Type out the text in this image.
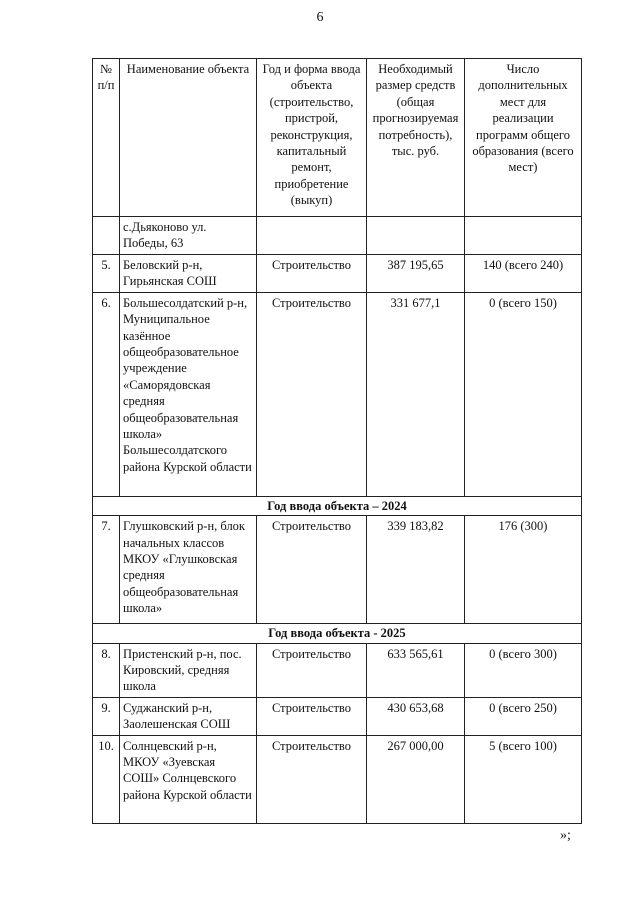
6
№ п/п	Наименование объекта	Год и форма ввода объекта (строительство, пристрой, реконструкция, капитальный ремонт, приобретение (выкуп)	Необходимый размер средств (общая прогнозируемая потребность), тыс. руб.	Число дополнительных мест для реализации программ общего образования (всего мест)
	с.Дьяконово ул. Победы, 63			
5.	Беловский р-н, Гирьянская СОШ	Строительство	387 195,65	140 (всего 240)
6.	Большесолдатский р-н, Муниципальное казённое общеобразовательное учреждение «Саморядовская средняя общеобразовательная школа» Большесолдатского района Курской области	Строительство	331 677,1	0 (всего 150)
Год ввода объекта – 2024				
7.	Глушковский р-н, блок начальных классов МКОУ «Глушковская средняя общеобразовательная школа»	Строительство	339 183,82	176 (300)
Год ввода объекта - 2025				
8.	Пристенский р-н, пос. Кировский, средняя школа	Строительство	633 565,61	0 (всего 300)
9.	Суджанский р-н, Заолешенская СОШ	Строительство	430 653,68	0 (всего 250)
10.	Солнцевский р-н, МКОУ «Зуевская СОШ» Солнцевского района Курской области	Строительство	267 000,00	5 (всего 100)
»;
